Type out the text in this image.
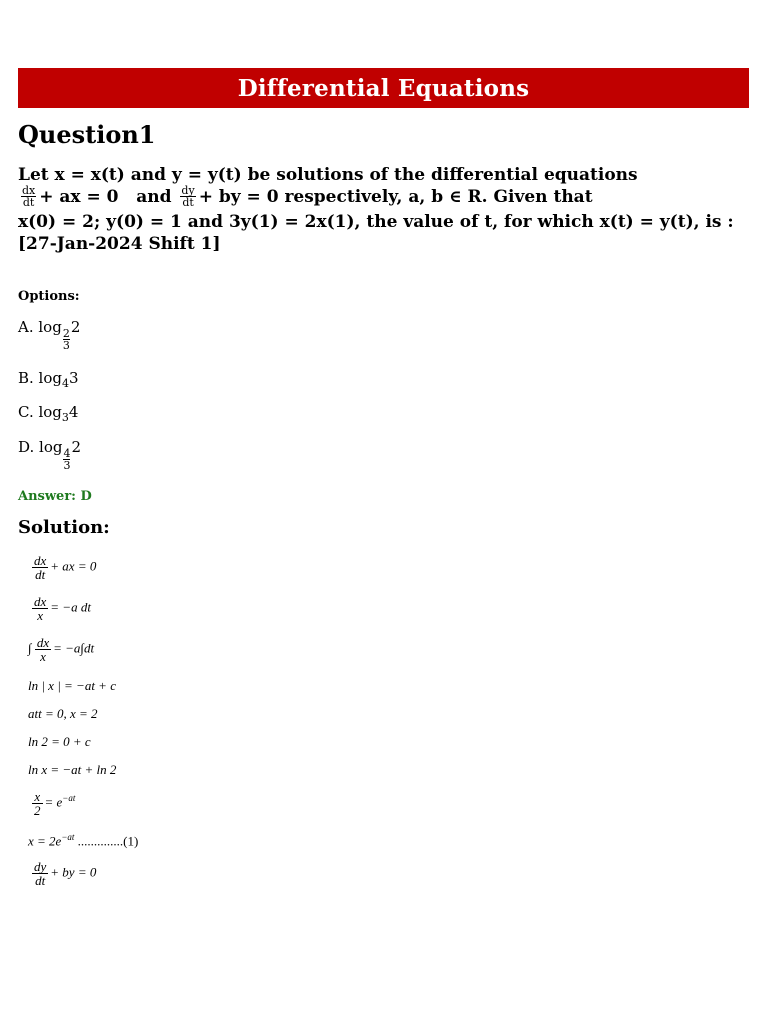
Differential Equations
Question1
Let x = x(t) and y = y(t) be solutions of the differential equations
$\frac{dx}{dt}$ + ax = 0   and $\frac{dy}{dt}$ + by = 0 respectively, a, b ∈ R. Given that
x(0) = 2; y(0) = 1 and 3y(1) = 2x(1), the value of t, for which x(t) = y(t), is :
[27-Jan-2024 Shift 1]
Options:
A. log
$\frac{2}{3}2$
B. $\log_43$
C. $\log_34$
D. log
$\frac{4}{3}2$
Answer: D
Solution:
$\frac{dx}{dt}$ + ax = 0
$\frac{dx}{x} = -a$ dt
∫ $\frac{dx}{x} = -a\int dt$
ln | x | = −at + c
att = 0, x = 2
ln 2 = 0 + c
ln x = −at + ln 2
$\frac{x}{2} = e^{-at}$
$x = 2e^{-at}$ ..............(1)
$\frac{dy}{dt}$ + by = 0
